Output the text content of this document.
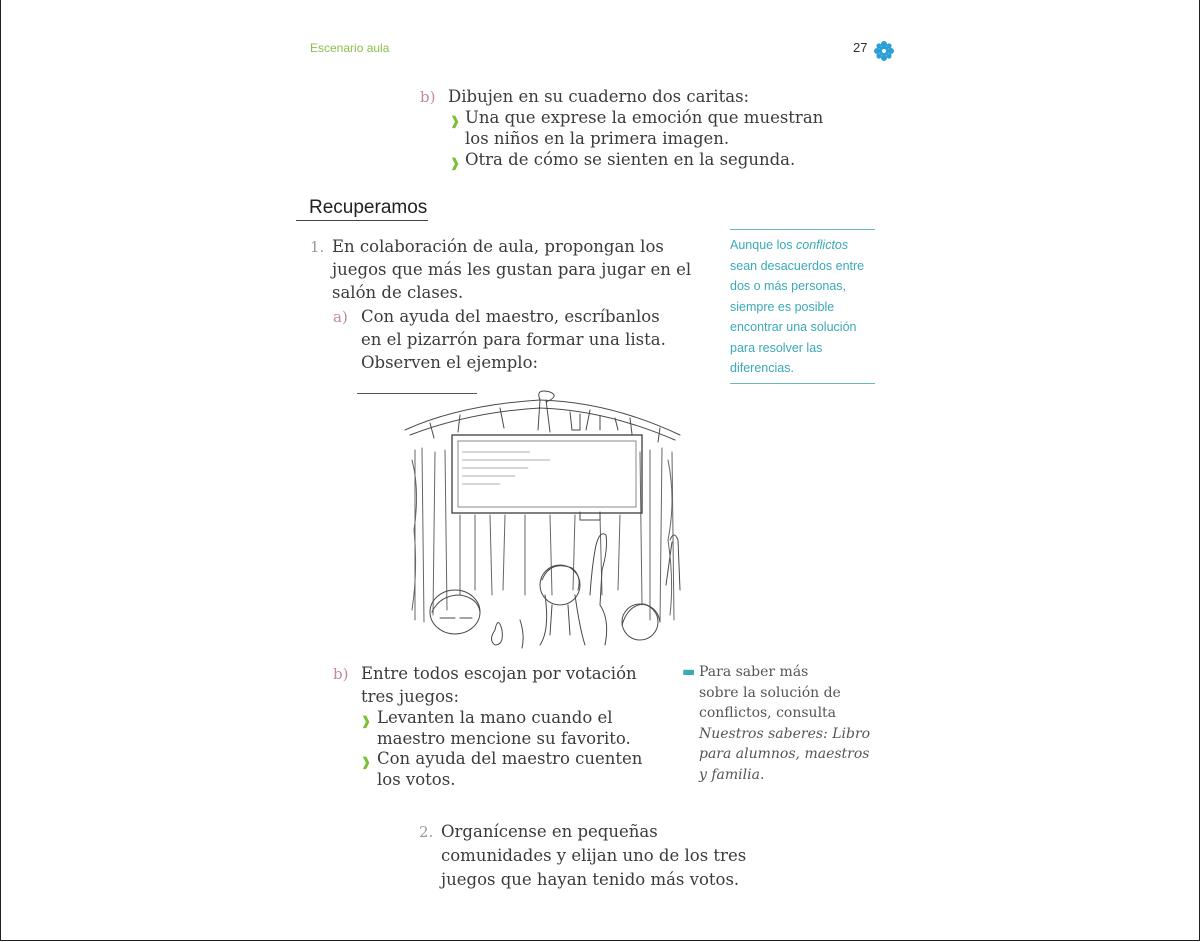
Escenario aula	27
b) Dibujen en su cuaderno dos caritas:
❱ Una que exprese la emoción que muestran
los niños en la primera imagen.
❱ Otra de cómo se sienten en la segunda.
Recuperamos
1. En colaboración de aula, propongan los
juegos que más les gustan para jugar en el
salón de clases.
a) Con ayuda del maestro, escríbanlos
en el pizarrón para formar una lista.
Observen el ejemplo:
Aunque los conflictos
sean desacuerdos entre
dos o más personas,
siempre es posible
encontrar una solución
para resolver las
diferencias.
b) Entre todos escojan por votación
tres juegos:
❱ Levanten la mano cuando el
maestro mencione su favorito.
❱ Con ayuda del maestro cuenten
los votos.
▬ Para saber más
sobre la solución de
conflictos, consulta
Nuestros saberes: Libro
para alumnos, maestros
y familia.
2. Organícense en pequeñas
comunidades y elijan uno de los tres
juegos que hayan tenido más votos.
